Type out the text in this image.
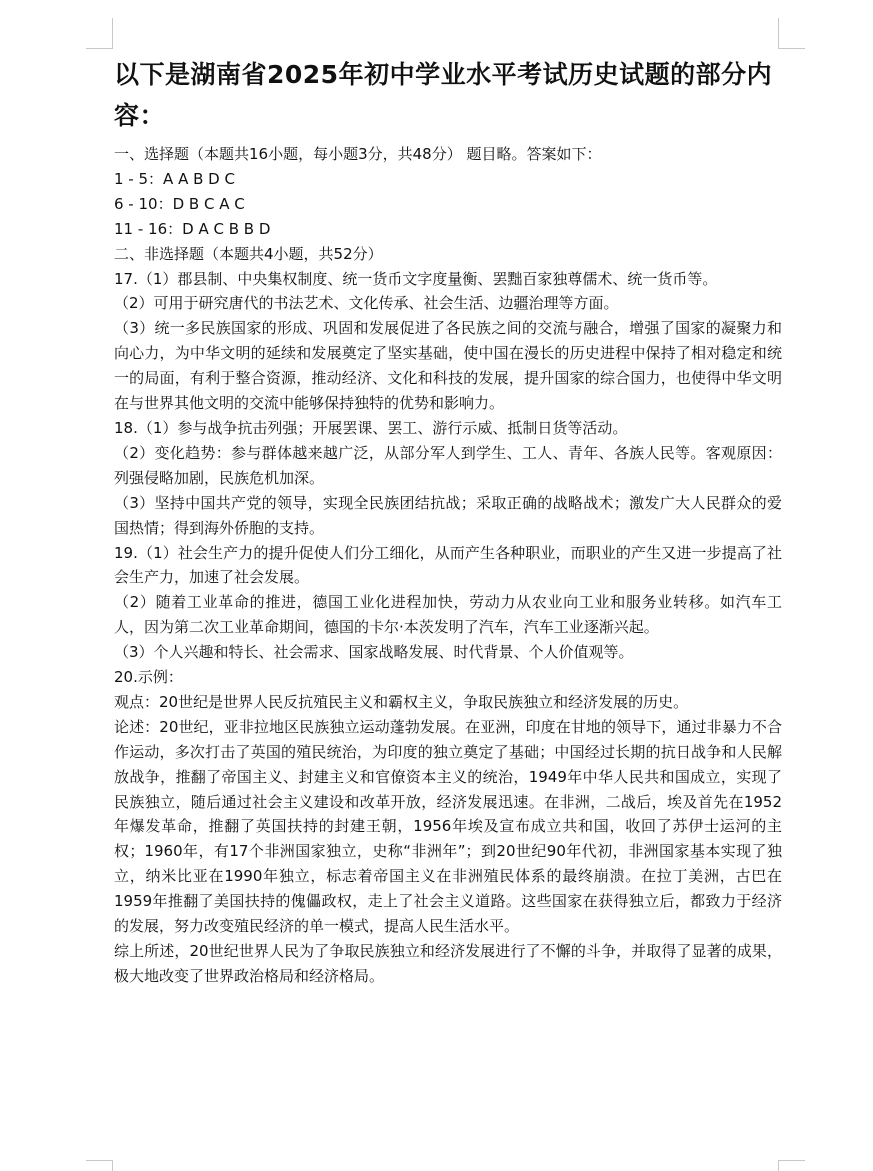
以下是湖南省2025年初中学业水平考试历史试题的部分内容：

一、选择题（本题共16小题，每小题3分，共48分） 题目略。答案如下：

1 - 5：A A B D C

6 - 10：D B C A C

11 - 16：D A C B B D

二、非选择题（本题共4小题，共52分）

17.（1）郡县制、中央集权制度、统一货币文字度量衡、罢黜百家独尊儒术、统一货币等。

（2）可用于研究唐代的书法艺术、文化传承、社会生活、边疆治理等方面。

（3）统一多民族国家的形成、巩固和发展促进了各民族之间的交流与融合，增强了国家的凝聚力和向心力，为中华文明的延续和发展奠定了坚实基础，使中国在漫长的历史进程中保持了相对稳定和统一的局面，有利于整合资源，推动经济、文化和科技的发展，提升国家的综合国力，也使得中华文明在与世界其他文明的交流中能够保持独特的优势和影响力。

18.（1）参与战争抗击列强；开展罢课、罢工、游行示威、抵制日货等活动。

（2）变化趋势：参与群体越来越广泛，从部分军人到学生、工人、青年、各族人民等。客观原因：列强侵略加剧，民族危机加深。

（3）坚持中国共产党的领导，实现全民族团结抗战；采取正确的战略战术；激发广大人民群众的爱国热情；得到海外侨胞的支持。

19.（1）社会生产力的提升促使人们分工细化，从而产生各种职业，而职业的产生又进一步提高了社会生产力，加速了社会发展。

（2）随着工业革命的推进，德国工业化进程加快，劳动力从农业向工业和服务业转移。如汽车工人，因为第二次工业革命期间，德国的卡尔·本茨发明了汽车，汽车工业逐渐兴起。

（3）个人兴趣和特长、社会需求、国家战略发展、时代背景、个人价值观等。

20.示例：

观点：20世纪是世界人民反抗殖民主义和霸权主义，争取民族独立和经济发展的历史。

论述：20世纪，亚非拉地区民族独立运动蓬勃发展。在亚洲，印度在甘地的领导下，通过非暴力不合作运动，多次打击了英国的殖民统治，为印度的独立奠定了基础；中国经过长期的抗日战争和人民解放战争，推翻了帝国主义、封建主义和官僚资本主义的统治，1949年中华人民共和国成立，实现了民族独立，随后通过社会主义建设和改革开放，经济发展迅速。在非洲，二战后，埃及首先在1952年爆发革命，推翻了英国扶持的封建王朝，1956年埃及宣布成立共和国，收回了苏伊士运河的主权；1960年，有17个非洲国家独立，史称“非洲年”；到20世纪90年代初，非洲国家基本实现了独立，纳米比亚在1990年独立，标志着帝国主义在非洲殖民体系的最终崩溃。在拉丁美洲，古巴在1959年推翻了美国扶持的傀儡政权，走上了社会主义道路。这些国家在获得独立后，都致力于经济的发展，努力改变殖民经济的单一模式，提高人民生活水平。

综上所述，20世纪世界人民为了争取民族独立和经济发展进行了不懈的斗争，并取得了显著的成果，极大地改变了世界政治格局和经济格局。
